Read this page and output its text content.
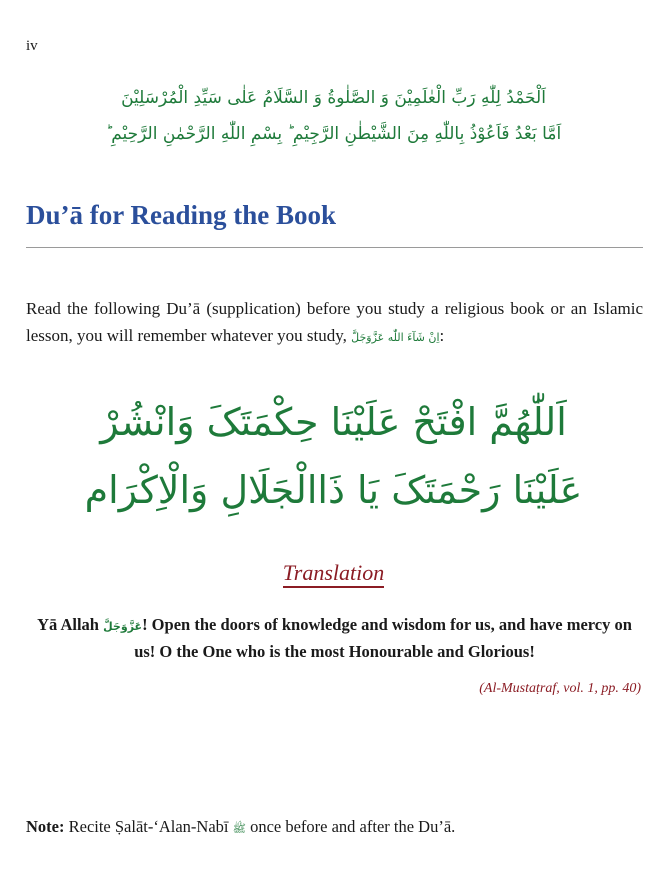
iv
اَلْحَمْدُ لِلّٰهِ رَبِّ الْعٰلَمِیْنَ وَ الصَّلٰوةُ وَ السَّلَامُ عَلٰی سَیِّدِ الْمُرْسَلِیْنَ
اَمَّا بَعْدُ فَاَعُوْذُ بِاللّٰهِ مِنَ الشَّیْطٰنِ الرَّجِیْمِ ؕ بِسْمِ اللّٰهِ الرَّحْمٰنِ الرَّحِیْمِ ؕ
Du’ā for Reading the Book

Read the following Du’ā (supplication) before you study a religious book or an Islamic lesson, you will remember whatever you study, اِنْ شَآءَ اللّٰه عَزَّوَجَلَّ:

اَللّٰھُمَّ افْتَحْ عَلَیْنَا حِکْمَتَکَ وَانْشُرْ
عَلَیْنَا رَحْمَتَکَ یَا ذَاالْجَلَالِ وَالْاِکْرَام
Translation

Yā Allah عَزَّوَجَلَّ! Open the doors of knowledge and wisdom for us, and have mercy on us! O the One who is the most Honourable and Glorious!

(Al-Mustaṭraf, vol. 1, pp. 40)
Note: Recite Ṣalāt-‘Alan-Nabī ﷺ once before and after the Du’ā.
